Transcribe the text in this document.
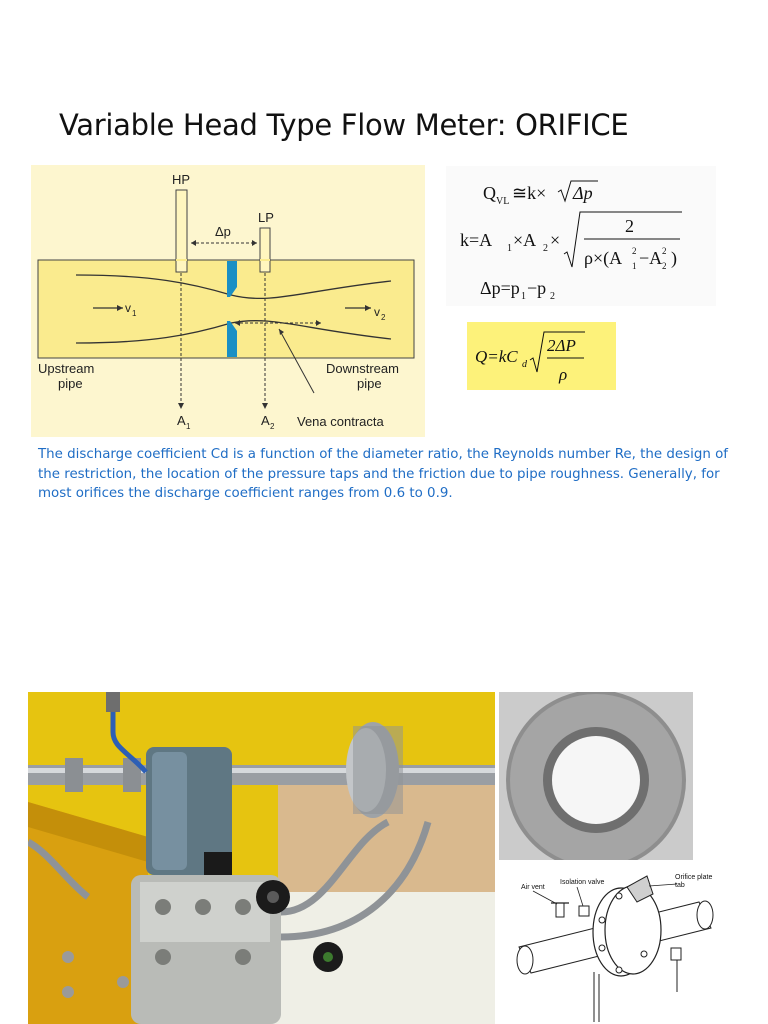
Variable Head Type Flow Meter: ORIFICE
HP
LP
Δp
v 1	v 2
Upstream
pipe
Downstream
pipe
A 1	A 2 Vena contracta
Q VL ≅k× Δp
k=A 1 ×A 2 ×
2
ρ×(A 2
1 −A 2
2 )
Δp=p 1 −p 2
Q=kC d
2ΔP
ρ
The discharge coefficient Cd is a function of the diameter ratio, the Reynolds number Re, the design of the restriction, the location of the pressure taps and the friction due to pipe roughness. Generally, for most orifices the discharge coefficient ranges from 0.6 to 0.9.
Air vent
Isolation valve
Orifice plate
tab
